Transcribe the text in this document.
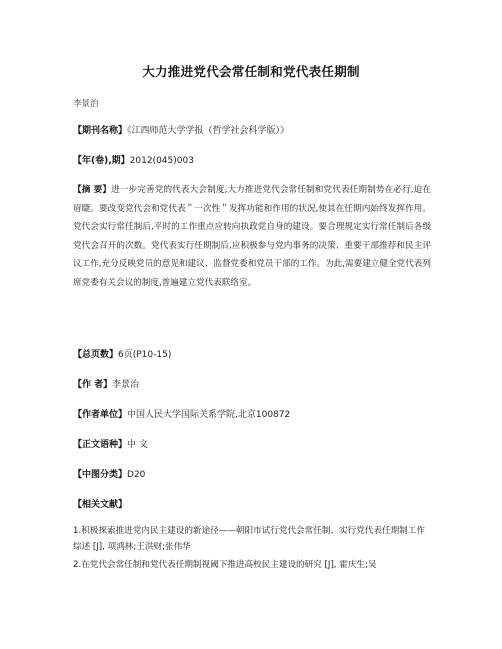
大力推进党代会常任制和党代表任期制
李景治
【期刊名称】《江西师范大学学报（哲学社会科学版）》
【年(卷),期】2012(045)003
【摘 要】进一步完善党的代表大会制度,大力推进党代会常任制和党代表任期制势在必行,迫在眉睫。要改变党代会和党代表＂一次性＂发挥功能和作用的状况,使其在任期内始终发挥作用。党代会实行常任制后,平时的工作重点应转向执政党自身的建设。要合理规定实行常任制后各级党代会召开的次数。党代表实行任期制后,应积极参与党内事务的决策、重要干部推荐和民主评议工作,充分反映党员的意见和建议、监督党委和党员干部的工作。为此,需要建立健全党代表列席党委有关会议的制度,普遍建立党代表联络室。
【总页数】6页(P10-15)
【作 者】李景治
【作者单位】中国人民大学国际关系学院,北京100872
【正文语种】中 文
【中图分类】D20
【相关文献】
1.积极探索推进党内民主建设的新途径——朝阳市试行党代会常任制、实行党代表任期制工作综述 [J], 项鸿林;王洪财;张伟华
2.在党代会常任制和党代表任期制视阈下推进高校民主建设的研究 [J], 霍庆生;吴
